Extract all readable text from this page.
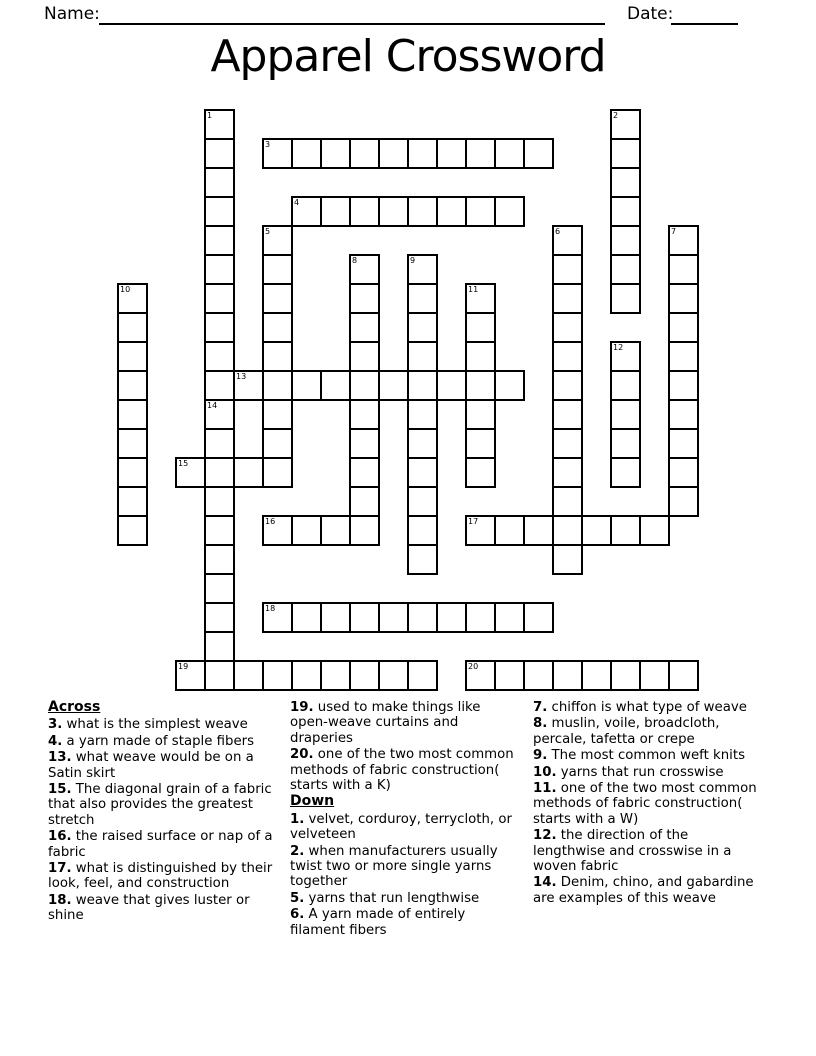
Name:	Date:
Apparel Crossword
1	2
3
4
5	6	7
8	9
10	11
12
13
14
15
16	17
18
19	20
Across
3. what is the simplest weave
4. a yarn made of staple fibers
13. what weave would be on a Satin skirt
15. The diagonal grain of a fabric that also provides the greatest stretch
16. the raised surface or nap of a fabric
17. what is distinguished by their look, feel, and construction
18. weave that gives luster or shine
19. used to make things like open-weave curtains and draperies
20. one of the two most common methods of fabric construction( starts with a K)
Down
1. velvet, corduroy, terrycloth, or velveteen
2. when manufacturers usually twist two or more single yarns together
5. yarns that run lengthwise
6. A yarn made of entirely filament fibers
7. chiffon is what type of weave
8. muslin, voile, broadcloth, percale, tafetta or crepe
9. The most common weft knits
10. yarns that run crosswise
11. one of the two most common methods of fabric construction( starts with a W)
12. the direction of the lengthwise and crosswise in a woven fabric
14. Denim, chino, and gabardine are examples of this weave
